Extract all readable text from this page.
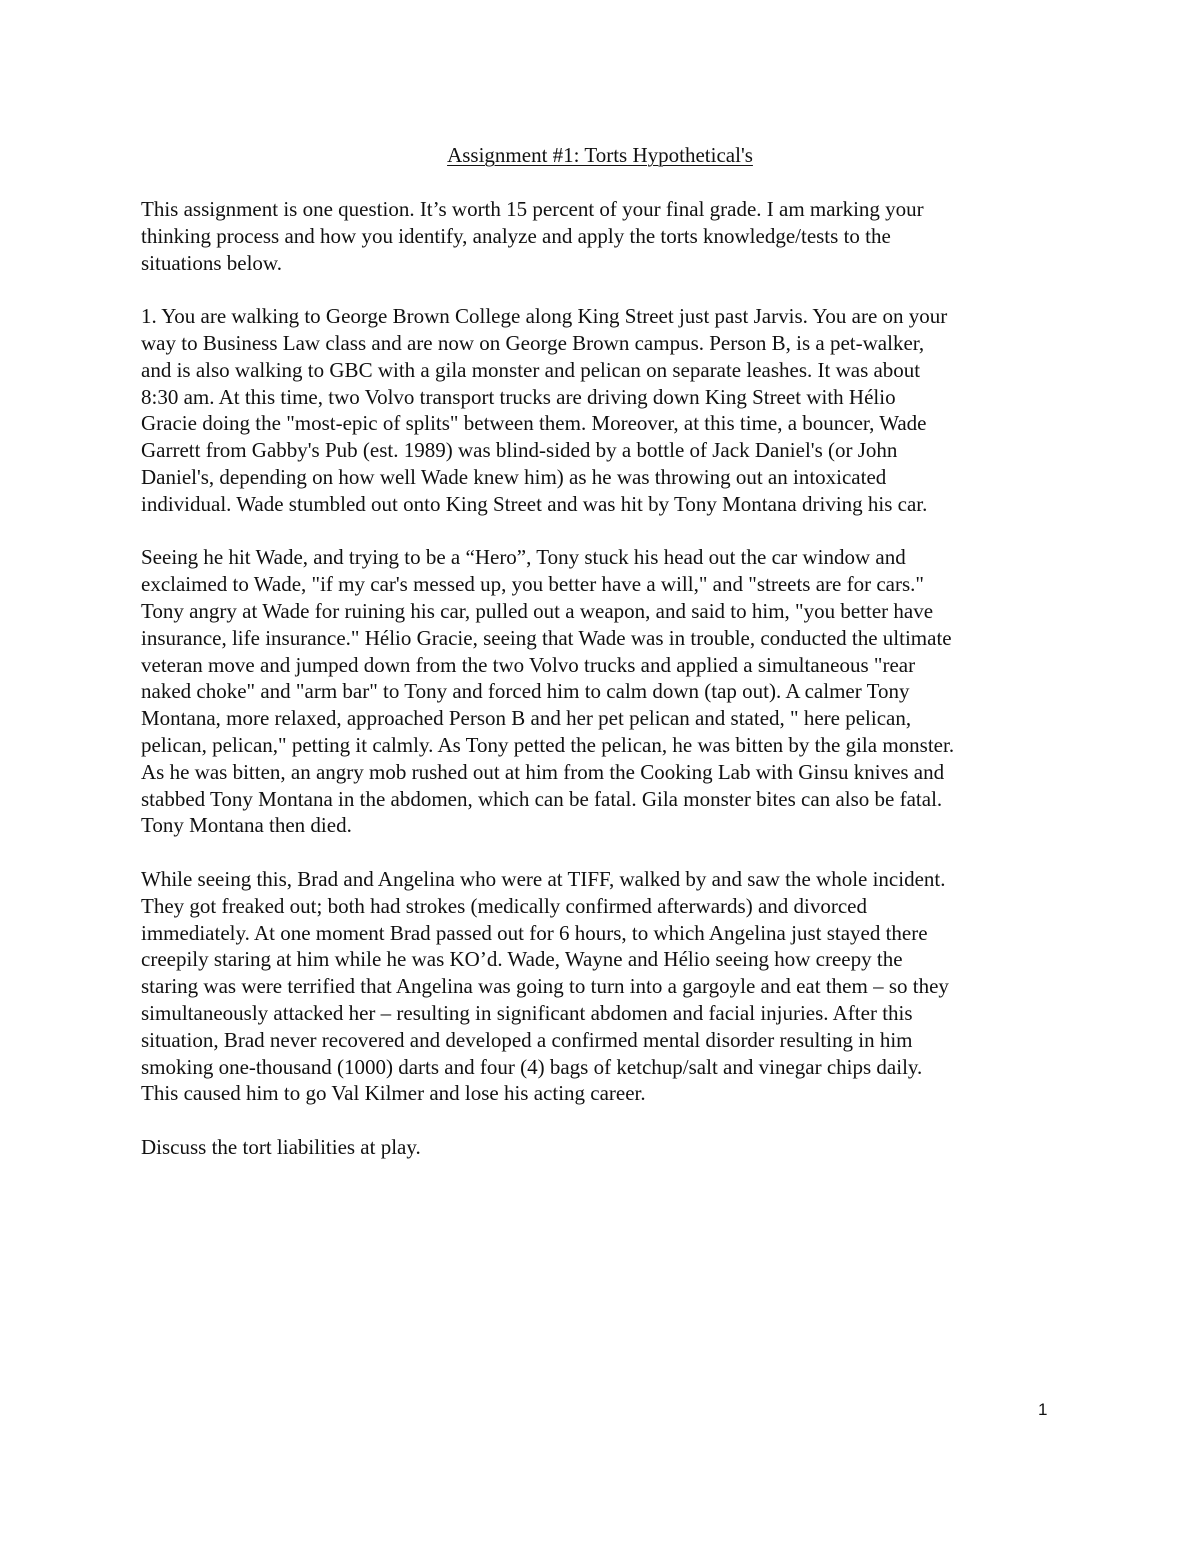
Assignment #1: Torts Hypothetical's

This assignment is one question. It’s worth 15 percent of your final grade. I am marking your
thinking process and how you identify, analyze and apply the torts knowledge/tests to the
situations below.

1. You are walking to George Brown College along King Street just past Jarvis. You are on your
way to Business Law class and are now on George Brown campus. Person B, is a pet-walker,
and is also walking to GBC with a gila monster and pelican on separate leashes. It was about
8:30 am. At this time, two Volvo transport trucks are driving down King Street with Hélio
Gracie doing the "most-epic of splits" between them. Moreover, at this time, a bouncer, Wade
Garrett from Gabby's Pub (est. 1989) was blind-sided by a bottle of Jack Daniel's (or John
Daniel's, depending on how well Wade knew him) as he was throwing out an intoxicated
individual. Wade stumbled out onto King Street and was hit by Tony Montana driving his car.

Seeing he hit Wade, and trying to be a “Hero”, Tony stuck his head out the car window and
exclaimed to Wade, "if my car's messed up, you better have a will," and "streets are for cars."
Tony angry at Wade for ruining his car, pulled out a weapon, and said to him, "you better have
insurance, life insurance." Hélio Gracie, seeing that Wade was in trouble, conducted the ultimate
veteran move and jumped down from the two Volvo trucks and applied a simultaneous "rear
naked choke" and "arm bar" to Tony and forced him to calm down (tap out). A calmer Tony
Montana, more relaxed, approached Person B and her pet pelican and stated, " here pelican,
pelican, pelican," petting it calmly. As Tony petted the pelican, he was bitten by the gila monster.
As he was bitten, an angry mob rushed out at him from the Cooking Lab with Ginsu knives and
stabbed Tony Montana in the abdomen, which can be fatal. Gila monster bites can also be fatal.
Tony Montana then died.

While seeing this, Brad and Angelina who were at TIFF, walked by and saw the whole incident.
They got freaked out; both had strokes (medically confirmed afterwards) and divorced
immediately. At one moment Brad passed out for 6 hours, to which Angelina just stayed there
creepily staring at him while he was KO’d. Wade, Wayne and Hélio seeing how creepy the
staring was were terrified that Angelina was going to turn into a gargoyle and eat them – so they
simultaneously attacked her – resulting in significant abdomen and facial injuries. After this
situation, Brad never recovered and developed a confirmed mental disorder resulting in him
smoking one-thousand (1000) darts and four (4) bags of ketchup/salt and vinegar chips daily.
This caused him to go Val Kilmer and lose his acting career.

Discuss the tort liabilities at play.

1
